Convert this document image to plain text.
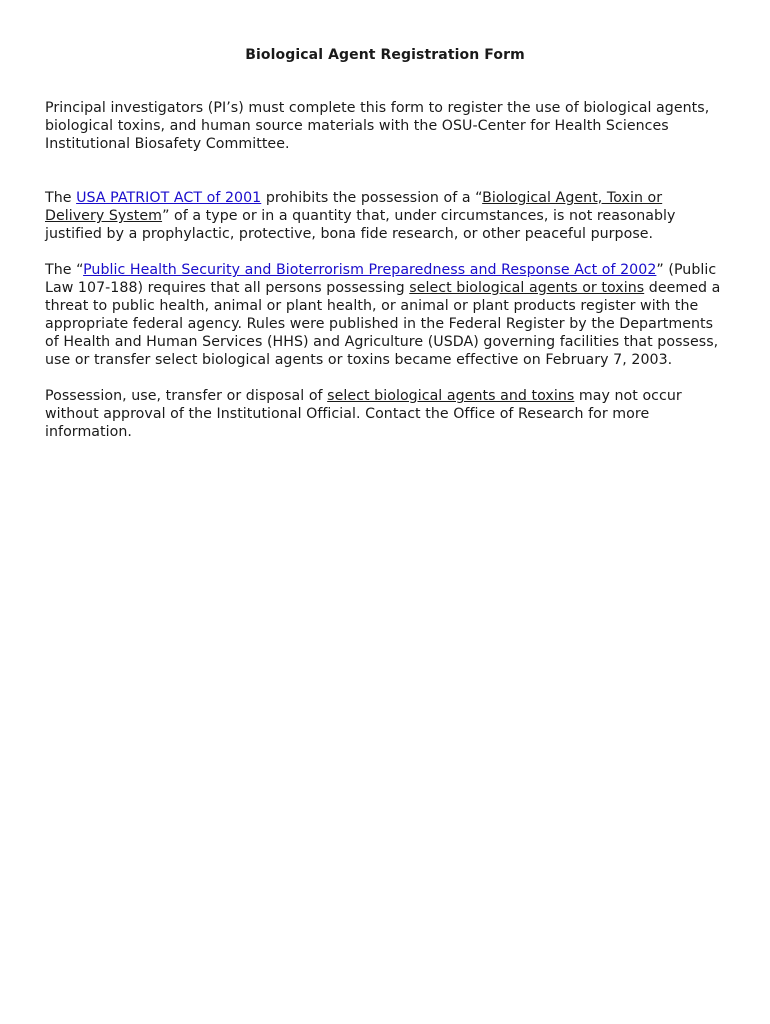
Biological Agent Registration Form

Principal investigators (PI’s) must complete this form to register the use of biological agents, biological toxins, and human source materials with the OSU-Center for Health Sciences Institutional Biosafety Committee.

The USA PATRIOT ACT of 2001 prohibits the possession of a “Biological Agent, Toxin or Delivery System” of a type or in a quantity that, under circumstances, is not reasonably justified by a prophylactic, protective, bona fide research, or other peaceful purpose.

The “Public Health Security and Bioterrorism Preparedness and Response Act of 2002” (Public Law 107-188) requires that all persons possessing select biological agents or toxins deemed a threat to public health, animal or plant health, or animal or plant products register with the appropriate federal agency. Rules were published in the Federal Register by the Departments of Health and Human Services (HHS) and Agriculture (USDA) governing facilities that possess, use or transfer select biological agents or toxins became effective on February 7, 2003.

Possession, use, transfer or disposal of select biological agents and toxins may not occur without approval of the Institutional Official. Contact the Office of Research for more information.
